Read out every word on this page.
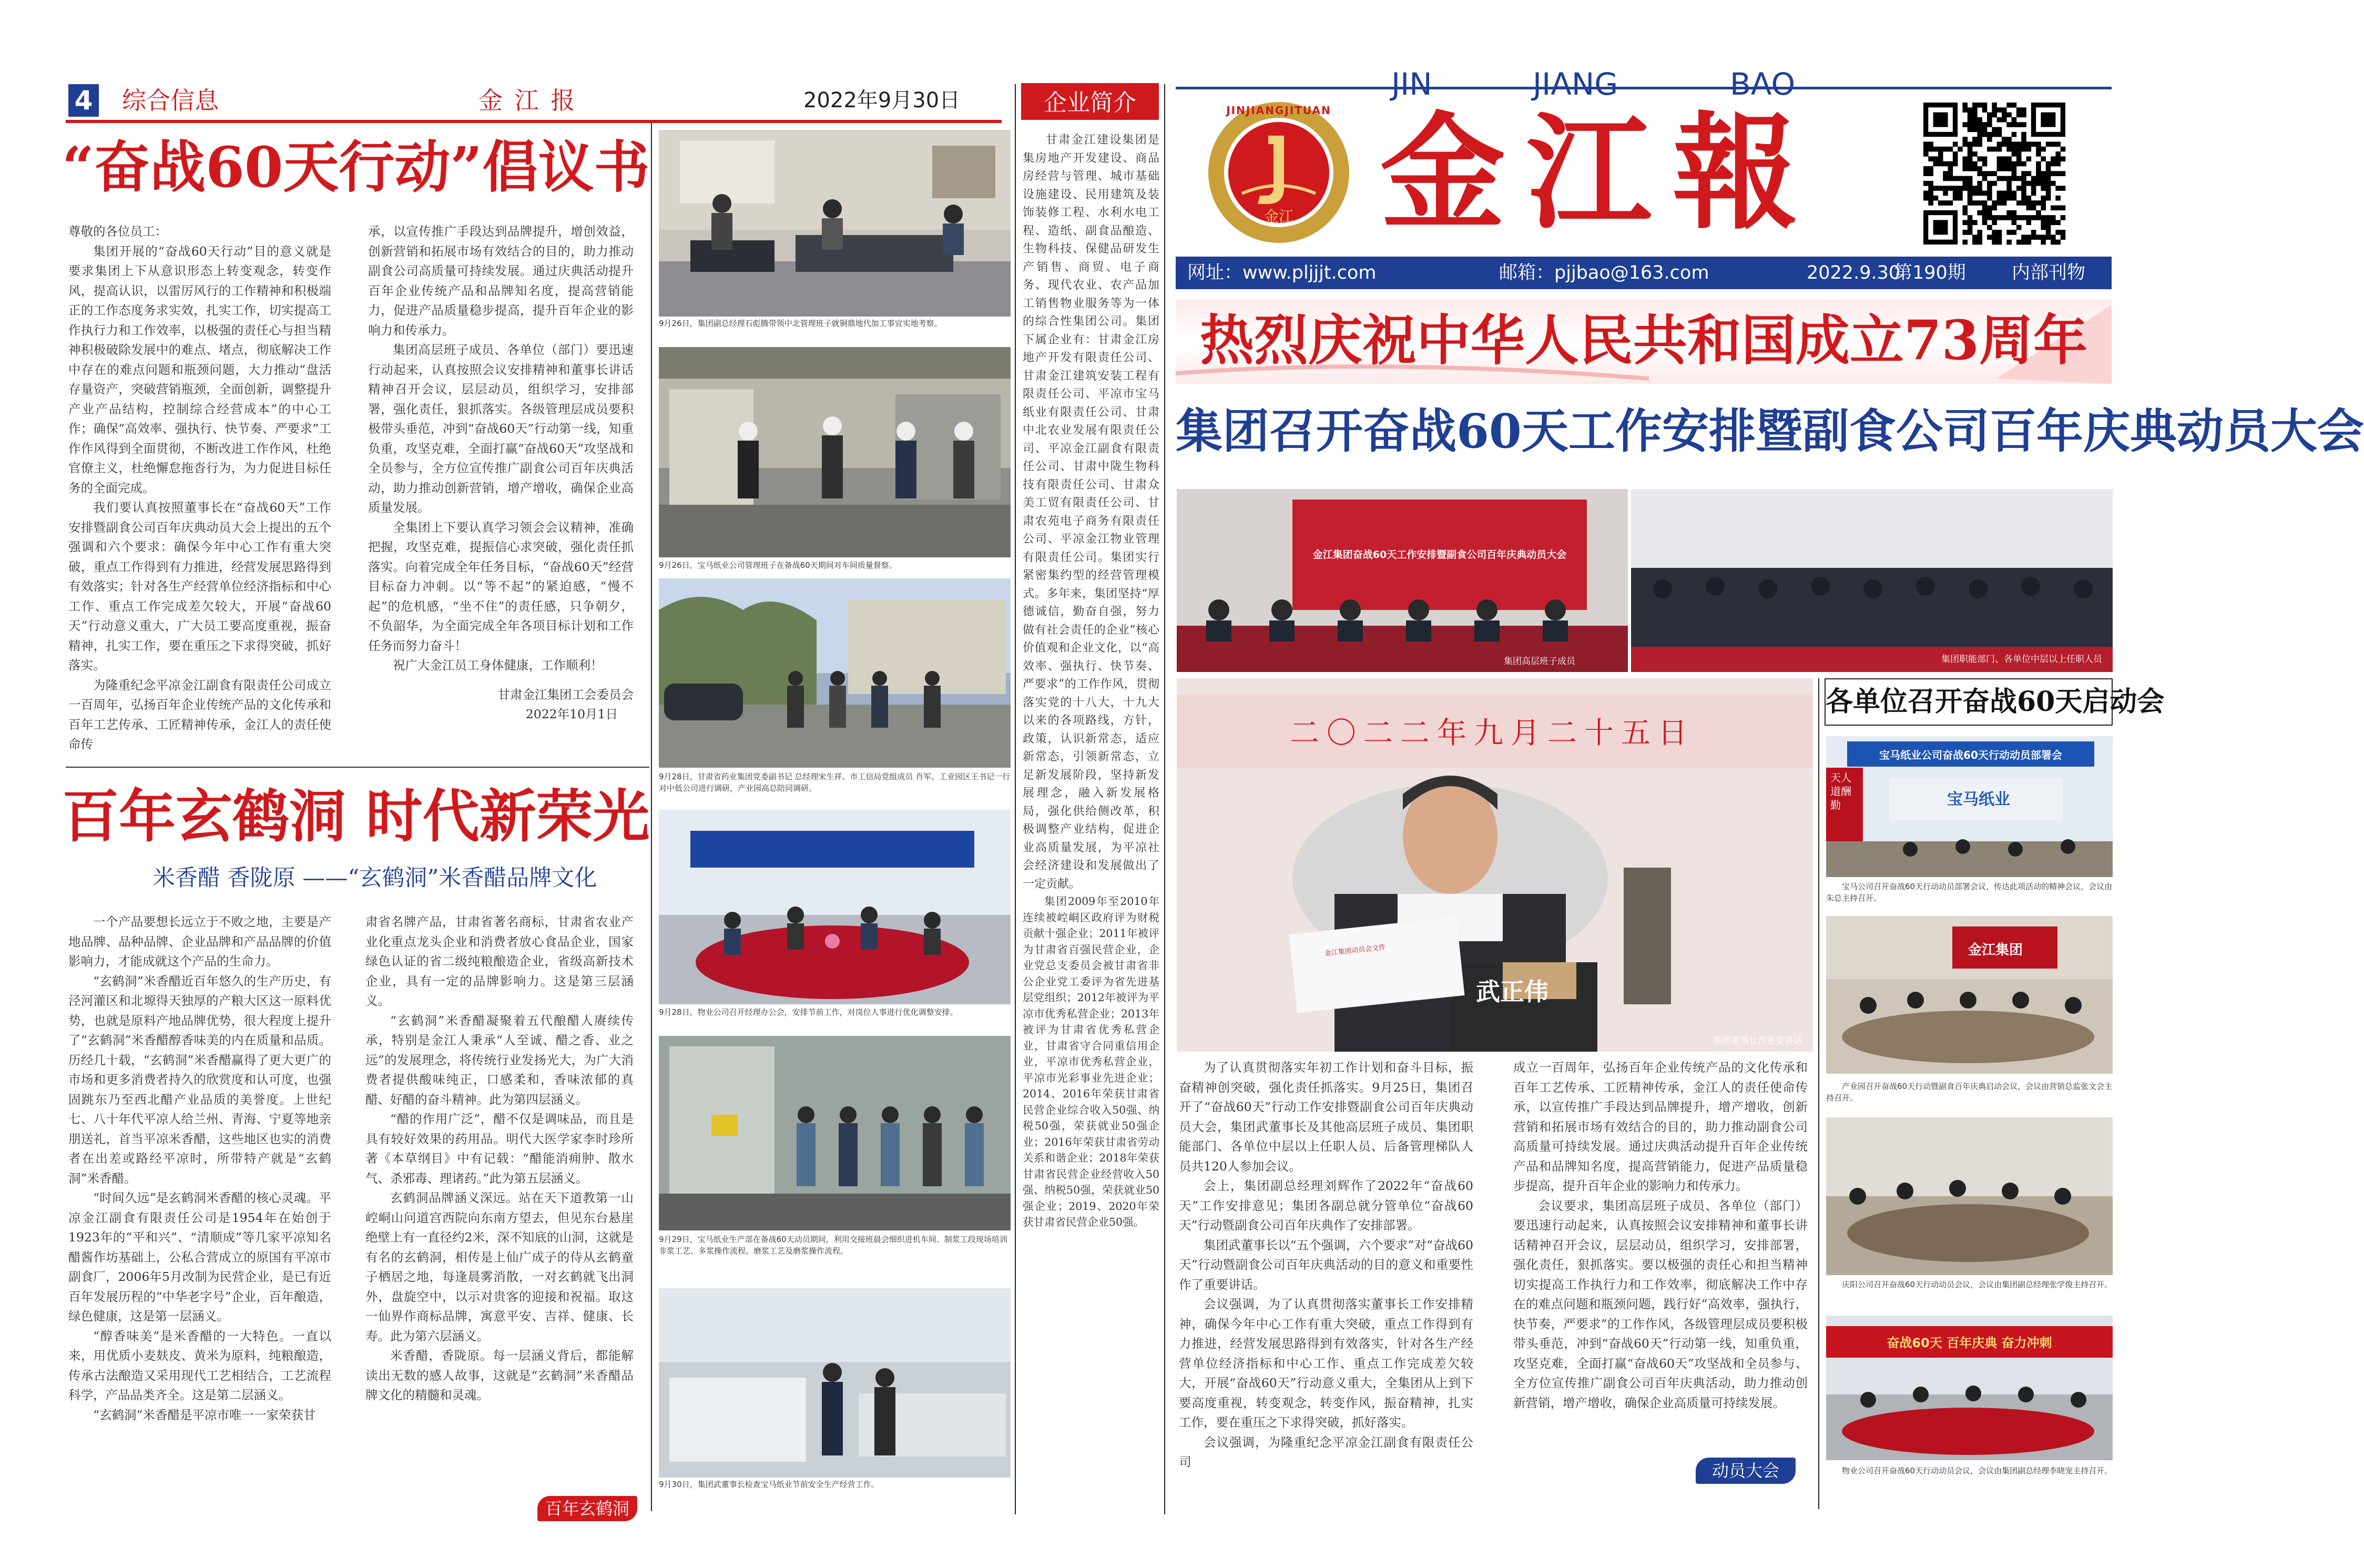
4 综合信息	金 江 报	2022年9月30日
“奋战60天行动”倡议书
尊敬的各位员工：

集团开展的“奋战60天行动”目的意义就是要求集团上下从意识形态上转变观念，转变作风，提高认识，以雷厉风行的工作精神和积极端正的工作态度务求实效，扎实工作，切实提高工作执行力和工作效率，以极强的责任心与担当精神积极破除发展中的难点、堵点，彻底解决工作中存在的难点问题和瓶颈问题，大力推动“盘活存量资产，突破营销瓶颈，全面创新，调整提升产业产品结构，控制综合经营成本”的中心工作；确保“高效率、强执行、快节奏、严要求”工作作风得到全面贯彻，不断改进工作作风，杜绝官僚主义，杜绝懈怠拖沓行为，为力促进目标任务的全面完成。

我们要认真按照董事长在“奋战60天”工作安排暨副食公司百年庆典动员大会上提出的五个强调和六个要求：确保今年中心工作有重大突破，重点工作得到有力推进，经营发展思路得到有效落实；针对各生产经营单位经济指标和中心工作、重点工作完成差欠较大，开展“奋战60天”行动意义重大，广大员工要高度重视，振奋精神，扎实工作，要在重压之下求得突破，抓好落实。

为隆重纪念平凉金江副食有限责任公司成立一百周年，弘扬百年企业传统产品的文化传承和百年工艺传承、工匠精神传承，金江人的责任使命传

承，以宣传推广手段达到品牌提升，增创效益，创新营销和拓展市场有效结合的目的，助力推动副食公司高质量可持续发展。通过庆典活动提升百年企业传统产品和品牌知名度，提高营销能力，促进产品质量稳步提高，提升百年企业的影响力和传承力。

集团高层班子成员、各单位（部门）要迅速行动起来，认真按照会议安排精神和董事长讲话精神召开会议，层层动员，组织学习，安排部署，强化责任，狠抓落实。各级管理层成员要积极带头垂范，冲到“奋战60天”行动第一线，知重负重，攻坚克难，全面打赢“奋战60天”攻坚战和全员参与，全方位宣传推广副食公司百年庆典活动，助力推动创新营销，增产增收，确保企业高质量发展。

全集团上下要认真学习领会会议精神，准确把握，攻坚克难，提振信心求突破，强化责任抓落实。向着完成全年任务目标，“奋战60天”经营目标奋力冲刺。以“等不起”的紧迫感，“慢不起”的危机感，“坐不住”的责任感，只争朝夕，不负韶华，为全面完成全年各项目标计划和工作任务而努力奋斗！

祝广大金江员工身体健康，工作顺利！

甘肃金江集团工会委员会
2022年10月1日
百年玄鹤洞 时代新荣光
米香醋 香陇原 ——“玄鹤洞”米香醋品牌文化

一个产品要想长远立于不败之地，主要是产地品牌、品种品牌、企业品牌和产品品牌的价值影响力，才能成就这个产品的生命力。

“玄鹤洞”米香醋近百年悠久的生产历史，有泾河灌区和北塬得天独厚的产粮大区这一原料优势，也就是原料产地品牌优势，很大程度上提升了“玄鹤洞”米香醋醇香味美的内在质量和品质。历经几十载，“玄鹤洞”米香醋赢得了更大更广的市场和更多消费者持久的欣赏度和认可度，也强固跳东乃至西北醋产业品质的美誉度。上世纪七、八十年代平凉人给兰州、青海、宁夏等地亲朋送礼，首当平凉米香醋，这些地区也实的消费者在出差或路经平凉时，所带特产就是“玄鹤洞”米香醋。

“时间久远”是玄鹤洞米香醋的核心灵魂。平凉金江副食有限责任公司是1954年在始创于1923年的“平和兴”、“清顺成”等几家平凉知名醋酱作坊基础上，公私合营成立的原国有平凉市副食厂，2006年5月改制为民营企业，是已有近百年发展历程的“中华老字号”企业，百年酿造，绿色健康，这是第一层涵义。

“醇香味美”是米香醋的一大特色。一直以来，用优质小麦麸皮、黄米为原料，纯粮酿造，传承古法酿造又采用现代工艺相结合，工艺流程科学，产品品类齐全。这是第二层涵义。

“玄鹤洞”米香醋是平凉市唯一一家荣获甘

肃省名牌产品，甘肃省著名商标，甘肃省农业产业化重点龙头企业和消费者放心食品企业，国家绿色认证的省二级纯粮酿造企业，省级高新技术企业，具有一定的品牌影响力。这是第三层涵义。

“玄鹤洞”米香醋凝聚着五代酿醋人赓续传承，特别是金江人秉承“人至诚、醋之香、业之远”的发展理念，将传统行业发扬光大，为广大消费者提供酸味纯正，口感柔和，香味浓郁的真醋、好醋的奋斗精神。此为第四层涵义。

“醋的作用广泛”，醋不仅是调味品，而且是具有较好效果的药用品。明代大医学家李时珍所著《本草纲目》中有记载：“醋能消痈肿、散水气、杀邪毒、理诸药。”此为第五层涵义。

玄鹤洞品牌涵义深远。站在天下道教第一山崆峒山问道宫西院向东南方望去，但见东台悬崖绝壁上有一直径约2米，深不知底的山洞，这就是有名的玄鹤洞，相传是上仙广成子的侍从玄鹤童子栖居之地，每逢晨雾消散，一对玄鹤就飞出洞外，盘旋空中，以示对贵客的迎接和祝福。取这一仙界作商标品牌，寓意平安、吉祥、健康、长寿。此为第六层涵义。

米香醋，香陇原。每一层涵义背后，都能解读出无数的感人故事，这就是“玄鹤洞”米香醋品牌文化的精髓和灵魂。

百年玄鹤洞
9月26日，集团副总经理石彪腾带领中北管理班子就铜鼎地代加工事宜实地考察。
9月26日，宝马纸业公司管理班子在备战60天期间对车间质量督察。
9月28日，甘肃省药业集团党委副书记 总经理宋生祥、市工信局党组成员 肖军、工业园区王书记一行对中低公司进行调研，产业园高总陪同调研。
9月28日，物业公司召开经理办公会，安排节前工作，对岗位人事进行优化调整安排。
9月29日，宝马纸业生产部在备战60天动员期间，利用交接班晨会细织进机车间、制浆工段现场培训非浆工艺、多浆操作流程、磨浆工艺及磨浆操作流程。
9月30日，集团武董事长检查宝马纸业节前安全生产经营工作。
企业简介
甘肃金江建设集团是集房地产开发建设、商品房经营与管理、城市基础设施建设、民用建筑及装饰装修工程、水利水电工程、造纸、副食品酿造、生物科技、保健品研发生产销售、商贸、电子商务、现代农业、农产品加工销售物业服务等为一体的综合性集团公司。集团下属企业有：甘肃金江房地产开发有限责任公司、甘肃金江建筑安装工程有限责任公司、平凉市宝马纸业有限责任公司、甘肃中北农业发展有限责任公司、平凉金江副食有限责任公司、甘肃中陇生物科技有限责任公司、甘肃众美工贸有限责任公司、甘肃农苑电子商务有限责任公司、平凉金江物业管理有限责任公司。集团实行紧密集约型的经营管理模式。多年来，集团坚持“厚德诚信，勤奋自强，努力做有社会责任的企业”核心价值观和企业文化，以“高效率、强执行、快节奏、严要求”的工作作风，贯彻落实党的十八大，十九大以来的各项路线，方针，政策，认识新常态，适应新常态，引领新常态，立足新发展阶段，坚持新发展理念，融入新发展格局，强化供给侧改革，积极调整产业结构，促进企业高质量发展，为平凉社会经济建设和发展做出了一定贡献。
集团2009年至2010年连续被崆峒区政府评为财税贡献十强企业；2011年被评为甘肃省百强民营企业，企业党总支委员会被甘肃省非公企业党工委评为省先进基层党组织；2012年被评为平凉市优秀私营企业；2013年被评为甘肃省优秀私营企业，甘肃省守合同重信用企业，平凉市优秀私营企业，平凉市光彩事业先进企业；2014、2016年荣获甘肃省民营企业综合收入50强、纳税50强，荣获就业50强企业；2016年荣获甘肃省劳动关系和谐企业；2018年荣获甘肃省民营企业经营收入50强、纳税50强，荣获就业50强企业；2019、2020年荣获甘肃省民营企业50强。
JIN	JIANG	BAO
金江
JINJIANGJITUAN 金江報
网址：www.pljjjt.com	邮箱：pjjbao@163.com	2022.9.30
第190期 内部刊物
热烈庆祝中华人民共和国成立73周年
集团召开奋战60天工作安排暨副食公司百年庆典动员大会
金江集团奋战60天工作安排暨副食公司百年庆典动员大会
集团高层班子成员	集团职能部门、各单位中层以上任职人员
二〇二二年九月二十五日
武正伟
金江集团动员会文件
集团董事长作重要讲话

为了认真贯彻落实年初工作计划和奋斗目标，振奋精神创突破，强化责任抓落实。9月25日，集团召开了“奋战60天”行动工作安排暨副食公司百年庆典动员大会，集团武董事长及其他高层班子成员、集团职能部门、各单位中层以上任职人员、后备管理梯队人员共120人参加会议。

会上，集团副总经理刘辉作了2022年“奋战60天”工作安排意见；集团各副总就分管单位“奋战60天”行动暨副食公司百年庆典作了安排部署。

集团武董事长以“五个强调，六个要求”对“奋战60天”行动暨副食公司百年庆典活动的目的意义和重要性作了重要讲话。

会议强调，为了认真贯彻落实董事长工作安排精神，确保今年中心工作有重大突破，重点工作得到有力推进，经营发展思路得到有效落实，针对各生产经营单位经济指标和中心工作、重点工作完成差欠较大，开展“奋战60天”行动意义重大，全集团从上到下要高度重视，转变观念，转变作风，振奋精神，扎实工作，要在重压之下求得突破，抓好落实。

会议强调，为隆重纪念平凉金江副食有限责任公司

成立一百周年，弘扬百年企业传统产品的文化传承和百年工艺传承、工匠精神传承，金江人的责任使命传承，以宣传推广手段达到品牌提升，增产增收，创新营销和拓展市场有效结合的目的，助力推动副食公司高质量可持续发展。通过庆典活动提升百年企业传统产品和品牌知名度，提高营销能力，促进产品质量稳步提高，提升百年企业的影响力和传承力。

会议要求，集团高层班子成员、各单位（部门）要迅速行动起来，认真按照会议安排精神和董事长讲话精神召开会议，层层动员，组织学习，安排部署，强化责任，狠抓落实。要以极强的责任心和担当精神切实提高工作执行力和工作效率，彻底解决工作中存在的难点问题和瓶颈问题，践行好“高效率，强执行，快节奏，严要求”的工作作风，各级管理层成员要积极带头垂范，冲到“奋战60天”行动第一线，知重负重，攻坚克难，全面打赢“奋战60天”攻坚战和全员参与、全方位宣传推广副食公司百年庆典活动，助力推动创新营销，增产增收，确保企业高质量可持续发展。

动员大会
各单位召开奋战60天启动会
宝马纸业公司奋战60天行动动员部署会
宝马纸业
天人道酬勤
宝马公司召开奋战60天行动动员部署会议，传达此项活动的精神会议，会议由朱总主持召开。
金江集团
产业园召开奋战60天行动暨副食百年庆典启动会议，会议由营销总监张文会主持召开。
庆阳公司召开奋战60天行动动员会议，会议由集团副总经理张学俊主持召开。
奋战60天 百年庆典 奋力冲刺
物业公司召开奋战60天行动动员会议，会议由集团副总经理李晓宠主持召开。
